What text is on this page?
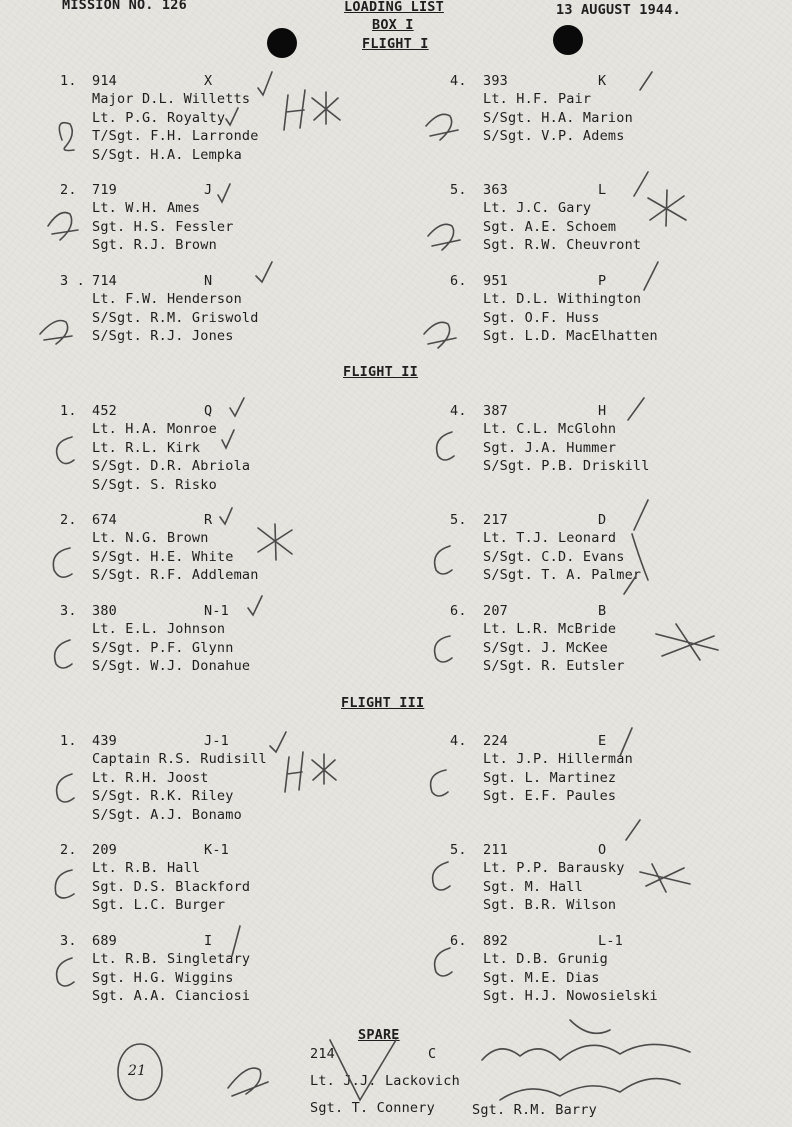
MISSION NO. 126	LOADING LIST
BOX I
13 AUGUST 1944.
FLIGHT I
FLIGHT II
FLIGHT III
1. 914	X
Major D.L. Willetts
Lt. P.G. Royalty
T/Sgt. F.H. Larronde
S/Sgt. H.A. Lempka
2. 719	J
Lt. W.H. Ames
Sgt. H.S. Fessler
Sgt. R.J. Brown
3 . 714	N
Lt. F.W. Henderson
S/Sgt. R.M. Griswold
S/Sgt. R.J. Jones
4. 393	K
Lt. H.F. Pair
S/Sgt. H.A. Marion
S/Sgt. V.P. Adems
5. 363	L
Lt. J.C. Gary
Sgt. A.E. Schoem
Sgt. R.W. Cheuvront
6. 951	P
Lt. D.L. Withington
Sgt. O.F. Huss
Sgt. L.D. MacElhatten
1. 452	Q
Lt. H.A. Monroe
Lt. R.L. Kirk
S/Sgt. D.R. Abriola
S/Sgt. S. Risko
2. 674	R
Lt. N.G. Brown
S/Sgt. H.E. White
S/Sgt. R.F. Addleman
3. 380	N-1
Lt. E.L. Johnson
S/Sgt. P.F. Glynn
S/Sgt. W.J. Donahue
4. 387	H
Lt. C.L. McGlohn
Sgt. J.A. Hummer
S/Sgt. P.B. Driskill
5. 217	D
Lt. T.J. Leonard
S/Sgt. C.D. Evans
S/Sgt. T. A. Palmer
6. 207	B
Lt. L.R. McBride
S/Sgt. J. McKee
S/Sgt. R. Eutsler
1. 439	J-1
Captain R.S. Rudisill
Lt. R.H. Joost
S/Sgt. R.K. Riley
S/Sgt. A.J. Bonamo
2. 209	K-1
Lt. R.B. Hall
Sgt. D.S. Blackford
Sgt. L.C. Burger
3. 689	I
Lt. R.B. Singletary
Sgt. H.G. Wiggins
Sgt. A.A. Cianciosi
4. 224	E
Lt. J.P. Hillerman
Sgt. L. Martinez
Sgt. E.F. Paules
5. 211	O
Lt. P.P. Barausky
Sgt. M. Hall
Sgt. B.R. Wilson
6. 892	L-1
Lt. D.B. Grunig
Sgt. M.E. Dias
Sgt. H.J. Nowosielski
SPARE
214	C
Lt. J.J. Lackovich
Sgt. T. Connery	Sgt. R.M. Barry
21
